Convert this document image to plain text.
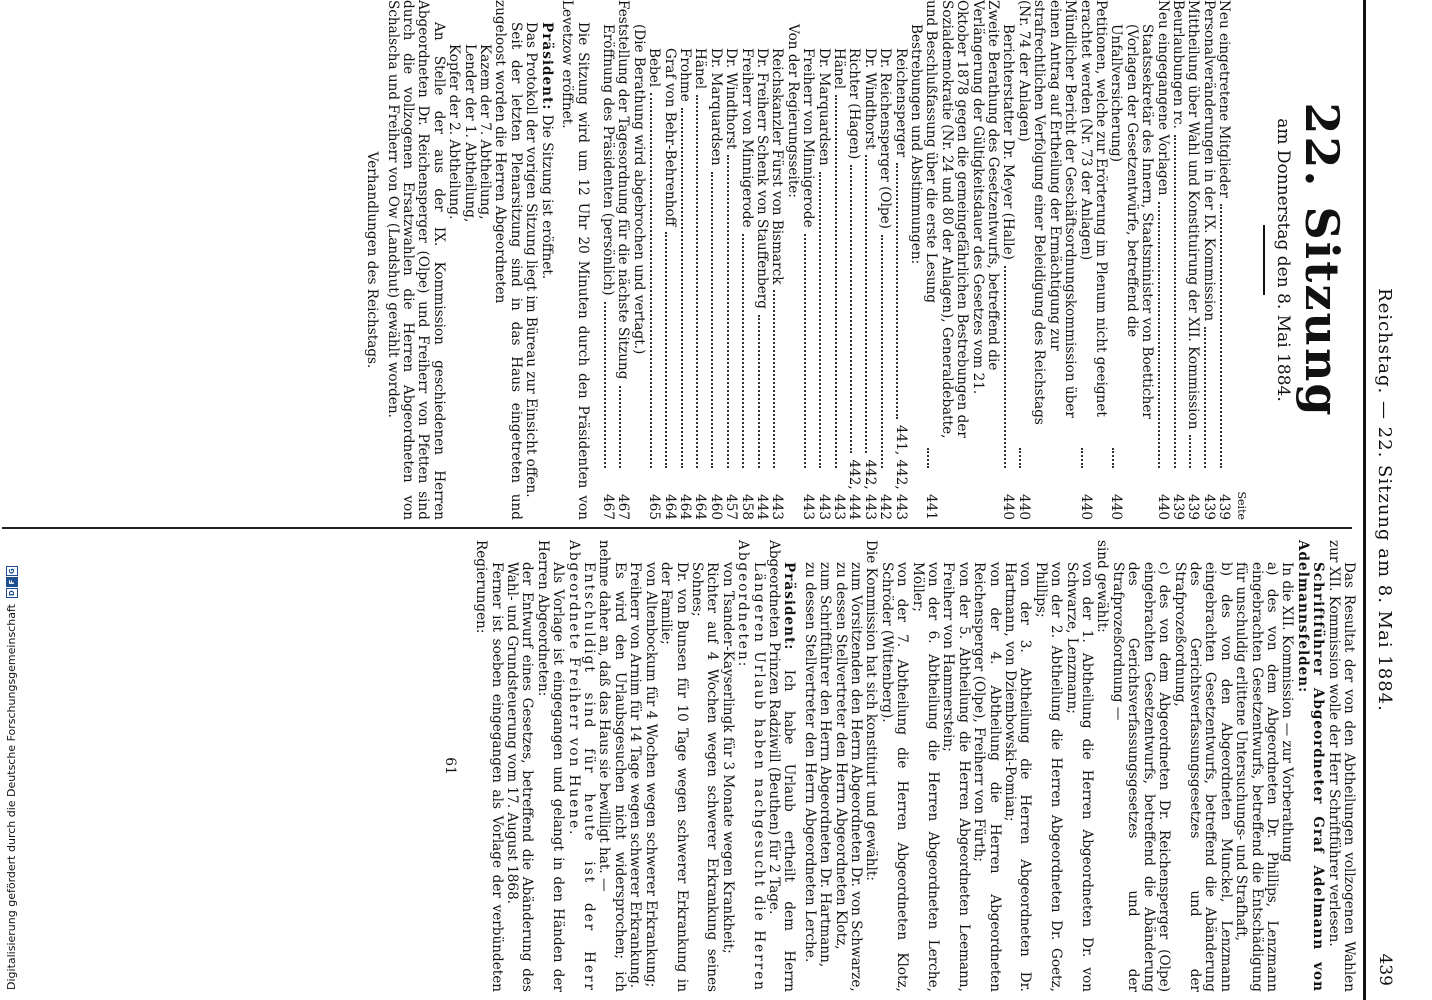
Reichstag. — 22. Sitzung am 8. Mai 1884.
439
22. Sitzung
am Donnerstag den 8. Mai 1884.
Seite
Neu eingetretene Mitglieder
439
Personalveränderungen in der IX. Kommission
439
Mittheilung über Wahl und Konstituirung der XII. Kommission
439
Beurlaubungen rc.
439
Neu eingegangene Vorlagen
440
Staatssekretär des Innern, Staatsminister von Boetticher (Vorlagen der Gesetzentwürfe, betreffend die Unfallversicherung)
440
Petitionen, welche zur Erörterung im Plenum nicht geeignet erachtet werden (Nr. 73 der Anlagen)
440
Mündlicher Bericht der Geschäftsordnungskommission über einen Antrag auf Ertheilung der Ermächtigung zur strafrechtlichen Verfolgung einer Beleidigung des Reichstags (Nr. 74 der Anlagen)
440
Berichterstatter Dr. Meyer (Halle)
440
Zweite Berathung des Gesetzentwurfs, betreffend die Verlängerung der Gültigkeitsdauer des Gesetzes vom 21. Oktober 1878 gegen die gemeingefährlichen Bestrebungen der Sozialdemokratie (Nr. 24 und 80 der Anlagen), Generaldebatte, und Beschlußfassung über die erste Lesung
441
Bestrebungen und Abstimmungen:
Reichensperger
441, 442, 443
Dr. Reichensperger (Olpe)
442
Dr. Windthorst
442, 443
Richter (Hagen)
442, 444
Hänel
443
Dr. Marquardsen
443
Freiherr von Minnigerode
443
Von der Regierungsseite:
Reichskanzler Fürst von Bismarck
443
Dr. Freiherr Schenk von Stauffenberg
444
Freiherr von Minnigerode
458
Dr. Windthorst
457
Dr. Marquardsen
460
Hänel
464
Frohme
464
Graf von Behr-Behrenhoff
464
Bebel
465
(Die Berathung wird abgebrochen und vertagt.)
Feststellung der Tagesordnung für die nächste Sitzung
467
Eröffnung des Präsidenten (persönlich)
467

Die Sitzung wird um 12 Uhr 20 Minuten durch den Präsidenten von Levetzow eröffnet.

Präsident: Die Sitzung ist eröffnet.

Das Protokoll der vorigen Sitzung liegt im Büreau zur Einsicht offen.

Seit der letzten Plenarsitzung sind in das Haus eingetreten und zugeloost worden die Herren Abgeordneten

Kazem der 7. Abtheilung,

Lender der 1. Abtheilung,

Kopfer der 2. Abtheilung.

An Stelle der aus der IX. Kommission geschiedenen Herren Abgeordneten Dr. Reichensperger (Olpe) und Freiherr von Pfetten sind durch die vollzogenen Ersatzwahlen die Herren Abgeordneten von Schalscha und Freiherr von Ow (Landshut) gewählt worden.

Verhandlungen des Reichstags.

Das Resultat der von den Abtheilungen vollzogenen Wahlen zur XII. Kommission wolle der Herr Schriftführer verlesen.

Schriftführer Abgeordneter Graf Adelmann von Adelmannsfelden:

In die XII. Kommission — zur Vorberathung

a) des von dem Abgeordneten Dr. Phillips, Lenzmann eingebrachten Gesetzentwurfs, betreffend die Entschädigung für unschuldig erlittene Untersuchungs- und Strafhaft,

b) des von den Abgeordneten Munckel, Lenzmann eingebrachten Gesetzentwurfs, betreffend die Abänderung des Gerichtsverfassungsgesetzes und der Strafprozeßordnung,

c) des von dem Abgeordneten Dr. Reichensperger (Olpe) eingebrachten Gesetzentwurfs, betreffend die Abänderung des Gerichtsverfassungsgesetzes und der Strafprozeßordnung —

sind gewählt:

von der 1. Abtheilung die Herren Abgeordneten Dr. von Schwarze, Lenzmann;

von der 2. Abtheilung die Herren Abgeordneten Dr. Goetz, Phillips;

von der 3. Abtheilung die Herren Abgeordneten Dr. Hartmann, von Dziembowski-Pomian;

von der 4. Abtheilung die Herren Abgeordneten Reichensperger (Olpe), Freiherr von Fürth;

von der 5. Abtheilung die Herren Abgeordneten Leemann, Freiherr von Hammerstein;

von der 6. Abtheilung die Herren Abgeordneten Lerche, Möller;

von der 7. Abtheilung die Herren Abgeordneten Klotz, Schröder (Wittenberg).

Die Kommission hat sich konstituirt und gewählt:

zum Vorsitzenden den Herrn Abgeordneten Dr. von Schwarze,

zu dessen Stellvertreter den Herrn Abgeordneten Klotz,

zum Schriftführer den Herrn Abgeordneten Dr. Hartmann,

zu dessen Stellvertreter den Herrn Abgeordneten Lerche.

Präsident: Ich habe Urlaub ertheilt dem Herrn Abgeordneten Prinzen Radziwill (Beuthen) für 2 Tage.

Längeren Urlaub haben nachgesucht die Herren Abgeordneten:

von Tsander-Kayserlingk für 3 Monate wegen Krankheit;

Richter auf 4 Wochen wegen schwerer Erkrankung seines Sohnes;

Dr. von Bunsen für 10 Tage wegen schwerer Erkrankung in der Familie;

von Altenbockum für 4 Wochen wegen schwerer Erkrankung;

Freiherr von Arnim für 14 Tage wegen schwerer Erkrankung.

Es wird den Urlaubsgesuchen nicht widersprochen; ich nehme daher an, daß das Haus sie bewilligt hat. —

Entschuldigt sind für heute ist der Herr Abgeordnete Freiherr von Huene.

Als Vorlage ist eingegangen und gelangt in den Händen der Herren Abgeordneten:

der Entwurf eines Gesetzes, betreffend die Abänderung des Wahl- und Grundsteuerung vom 17. August 1868.

Ferner ist soeben eingegangen als Vorlage der verbündeten Regierungen:

61
Digitalisierung gefördert durch die Deutsche Forschungsgemeinschaft
D
F
G
